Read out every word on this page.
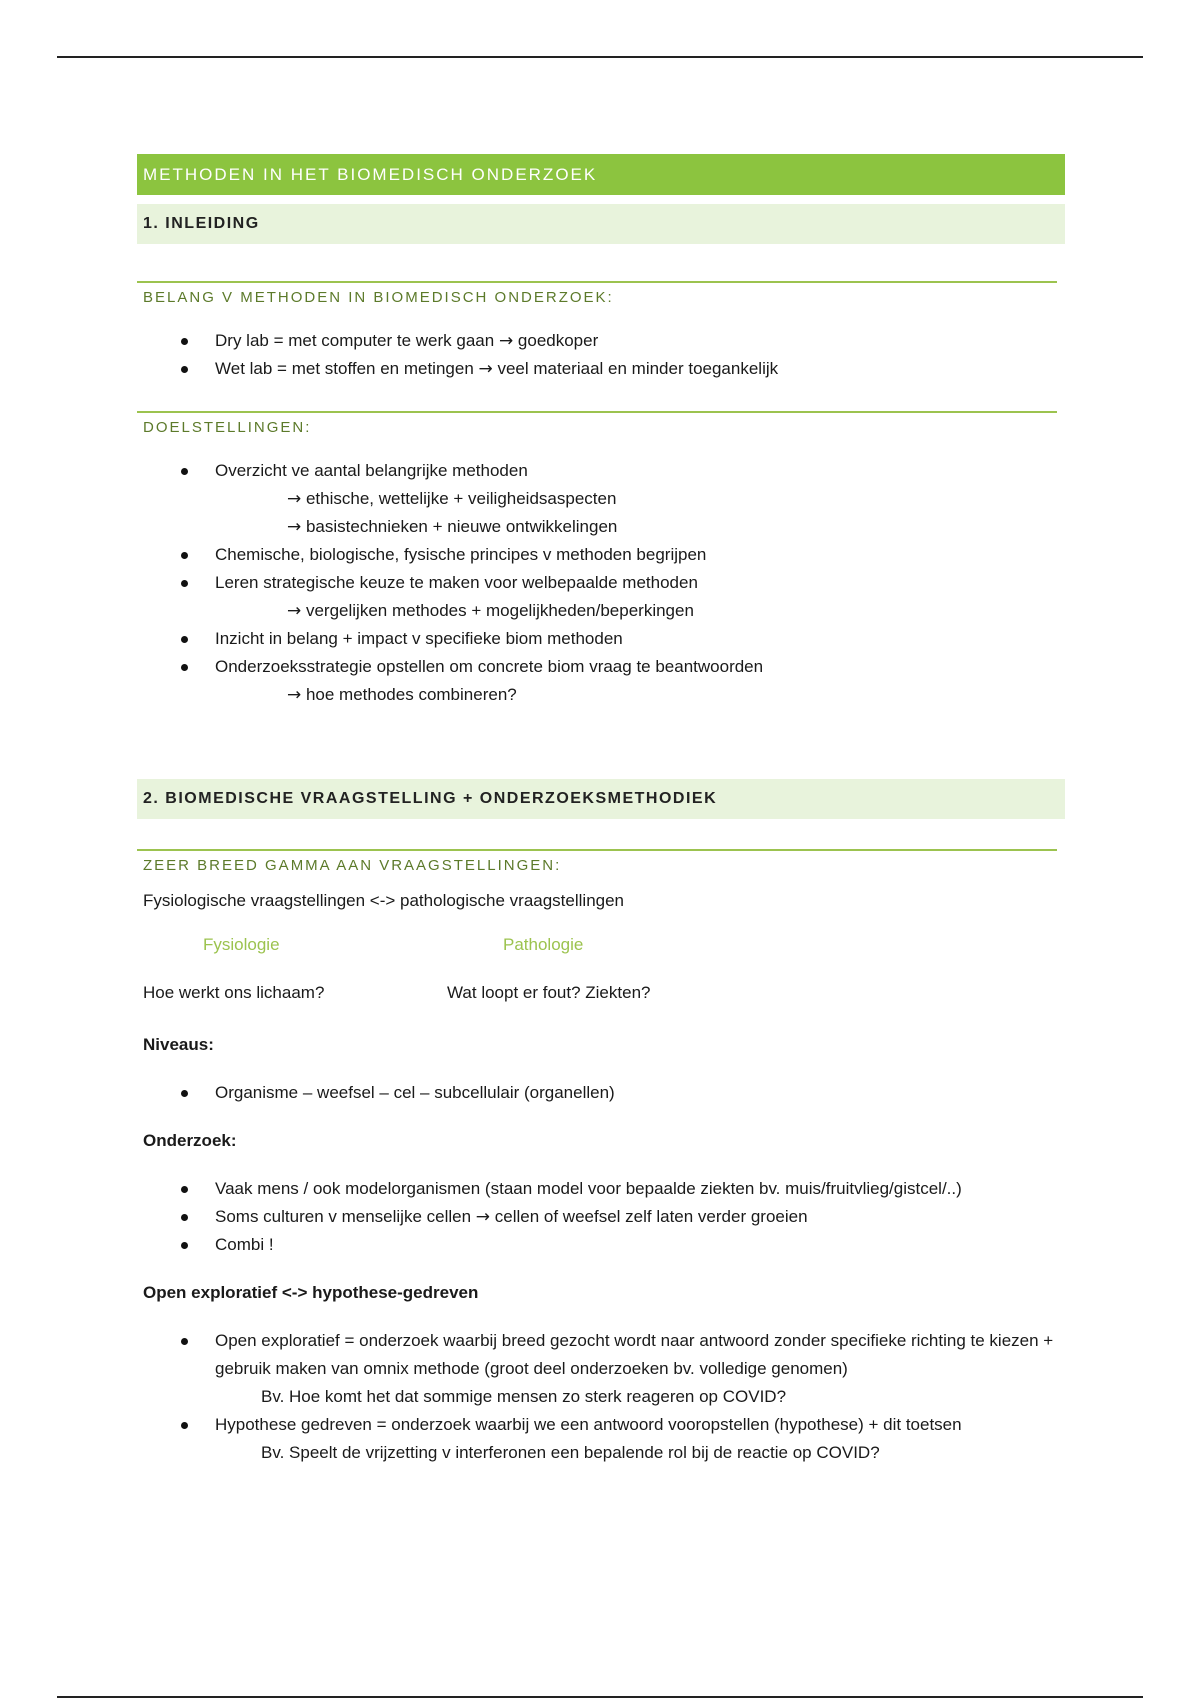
METHODEN IN HET BIOMEDISCH ONDERZOEK
1. INLEIDING
BELANG V METHODEN IN BIOMEDISCH ONDERZOEK:
Dry lab = met computer te werk gaan → goedkoper
Wet lab = met stoffen en metingen → veel materiaal en minder toegankelijk
DOELSTELLINGEN:
Overzicht ve aantal belangrijke methoden
→ ethische, wettelijke + veiligheidsaspecten
→ basistechnieken + nieuwe ontwikkelingen
Chemische, biologische, fysische principes v methoden begrijpen
Leren strategische keuze te maken voor welbepaalde methoden
→ vergelijken methodes + mogelijkheden/beperkingen
Inzicht in belang + impact v specifieke biom methoden
Onderzoeksstrategie opstellen om concrete biom vraag te beantwoorden
→ hoe methodes combineren?
2. BIOMEDISCHE VRAAGSTELLING + ONDERZOEKSMETHODIEK
ZEER BREED GAMMA AAN VRAAGSTELLINGEN:
Fysiologische vraagstellingen <-> pathologische vraagstellingen
Fysiologie	Pathologie
Hoe werkt ons lichaam?	Wat loopt er fout? Ziekten?
Niveaus:
Organisme – weefsel – cel – subcellulair (organellen)
Onderzoek:
Vaak mens / ook modelorganismen (staan model voor bepaalde ziekten bv. muis/fruitvlieg/gistcel/..)
Soms culturen v menselijke cellen → cellen of weefsel zelf laten verder groeien
Combi !
Open exploratief <-> hypothese-gedreven
Open exploratief = onderzoek waarbij breed gezocht wordt naar antwoord zonder specifieke richting te kiezen + gebruik maken van omnix methode (groot deel onderzoeken bv. volledige genomen)
Bv. Hoe komt het dat sommige mensen zo sterk reageren op COVID?
Hypothese gedreven = onderzoek waarbij we een antwoord vooropstellen (hypothese) + dit toetsen
Bv. Speelt de vrijzetting v interferonen een bepalende rol bij de reactie op COVID?
